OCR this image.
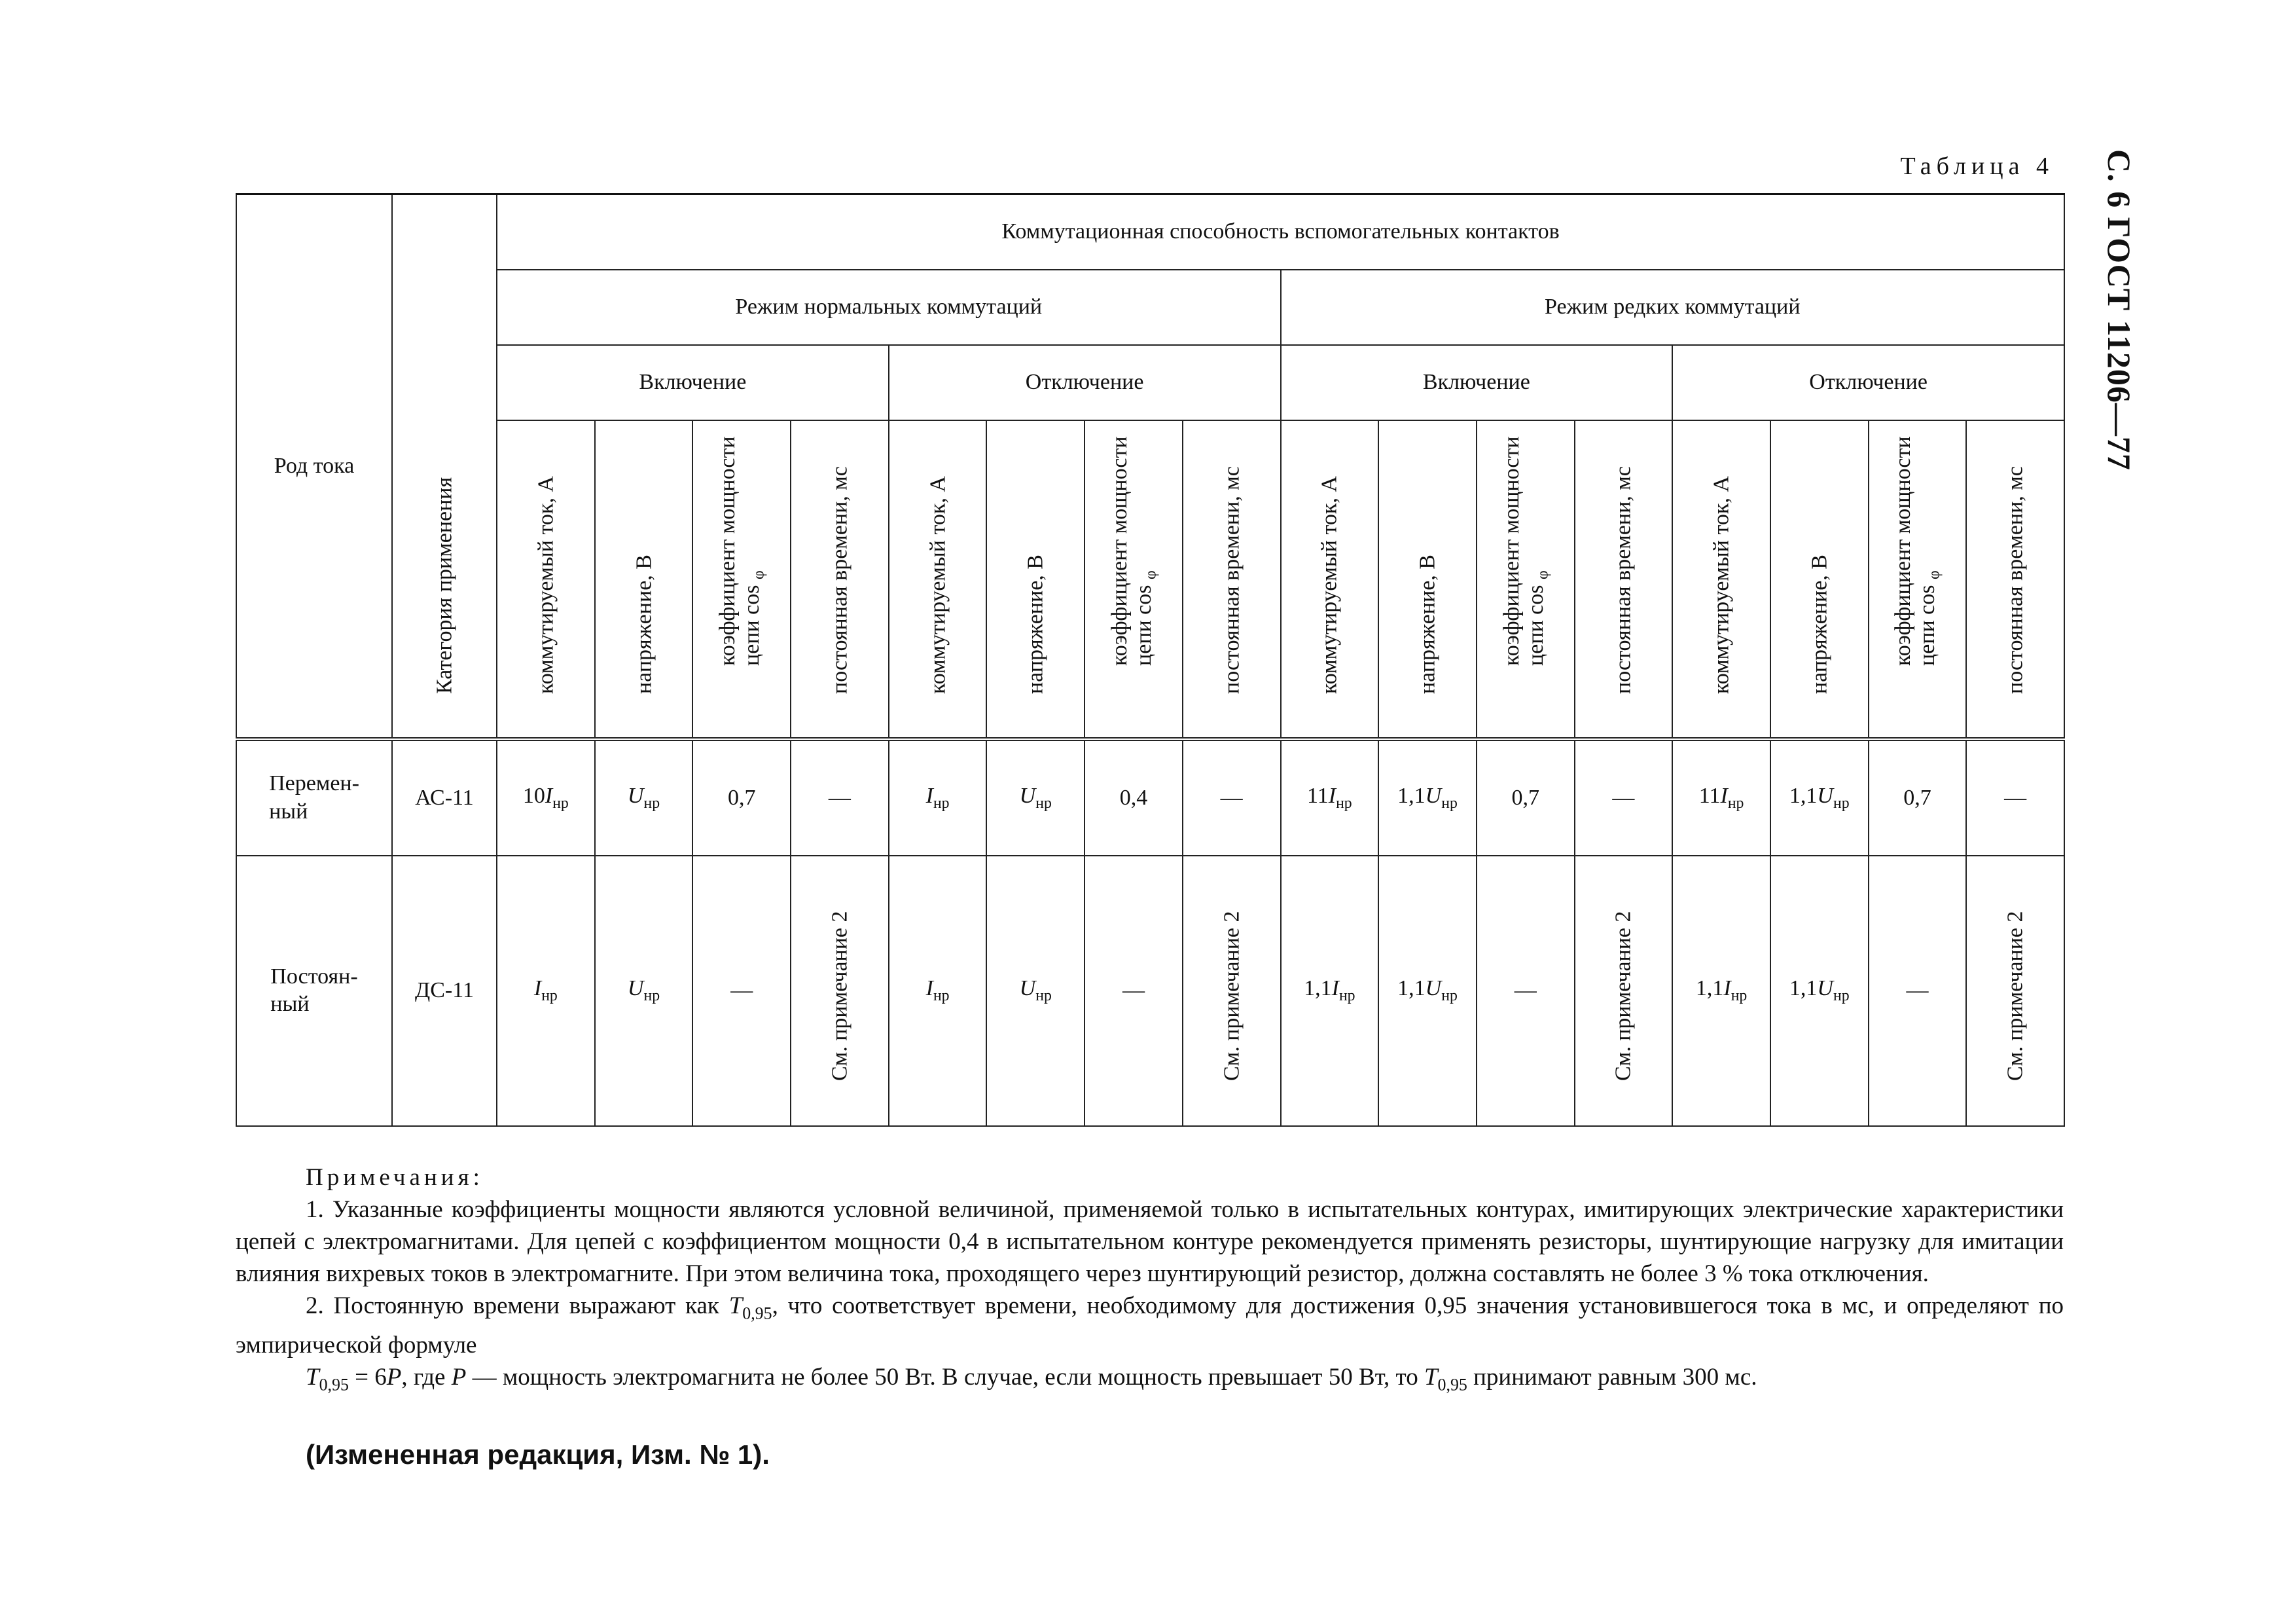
С. 6 ГОСТ 11206—77
Таблица 4
Род тока	Категория применения	Коммутационная способность вспомогательных контактов															
		Режим нормальных коммутаций								Режим редких коммутаций							
		Включение				Отключение				Включение				Отключение			

		коммутируемый ток, А	напряжение, В	коэффициент мощности цепи cos $_\varphi$	постоянная времени, мс	коммутируемый ток, А	напряжение, В	коэффициент мощности цепи cos $_\varphi$	постоянная времени, мс	коммутируемый ток, А	напряжение, В	коэффициент мощности цепи cos $_\varphi$	постоянная времени, мс	коммутируемый ток, А	напряжение, В	коэффициент мощности цепи cos $_\varphi$	постоянная времени, мс

Перемен-
ный	АС-11	$10I_{нр}$	$U_{нр}$	0,7	—	$I_{нр}$	$U_{нр}$	0,4	—	$11I_{нр}$	$1,1U_{нр}$	0,7	—	$11I_{нр}$	$1,1U_{нр}$	0,7	—

Постоян-
ный	ДС-11	$I_{нр}$	$U_{нр}$	—	См. примечание 2	$I_{нр}$	$U_{нр}$	—	См. примечание 2	$1,1I_{нр}$	$1,1U_{нр}$	—	См. примечание 2	$1,1I_{нр}$	$1,1U_{нр}$	—	См. примечание 2

Примечания:

1. Указанные коэффициенты мощности являются условной величиной, применяемой только в испытательных контурах, имитирующих электрические характеристики цепей с электромагнитами. Для цепей с коэффициентом мощности 0,4 в испытательном контуре рекомендуется применять резисторы, шунтирующие нагрузку для имитации влияния вихревых токов в электромагните. При этом величина тока, проходящего через шунтирующий резистор, должна составлять не более 3 % тока отключения.

2. Постоянную времени выражают как $T_{0,95}$, что соответствует времени, необходимому для достижения 0,95 значения установившегося тока в мс, и определяют по эмпирической формуле

$T_{0,95} = 6P$, где P — мощность электромагнита не более 50 Вт. В случае, если мощность превышает 50 Вт, то $T_{0,95}$ принимают равным 300 мс.

(Измененная редакция, Изм. № 1).
